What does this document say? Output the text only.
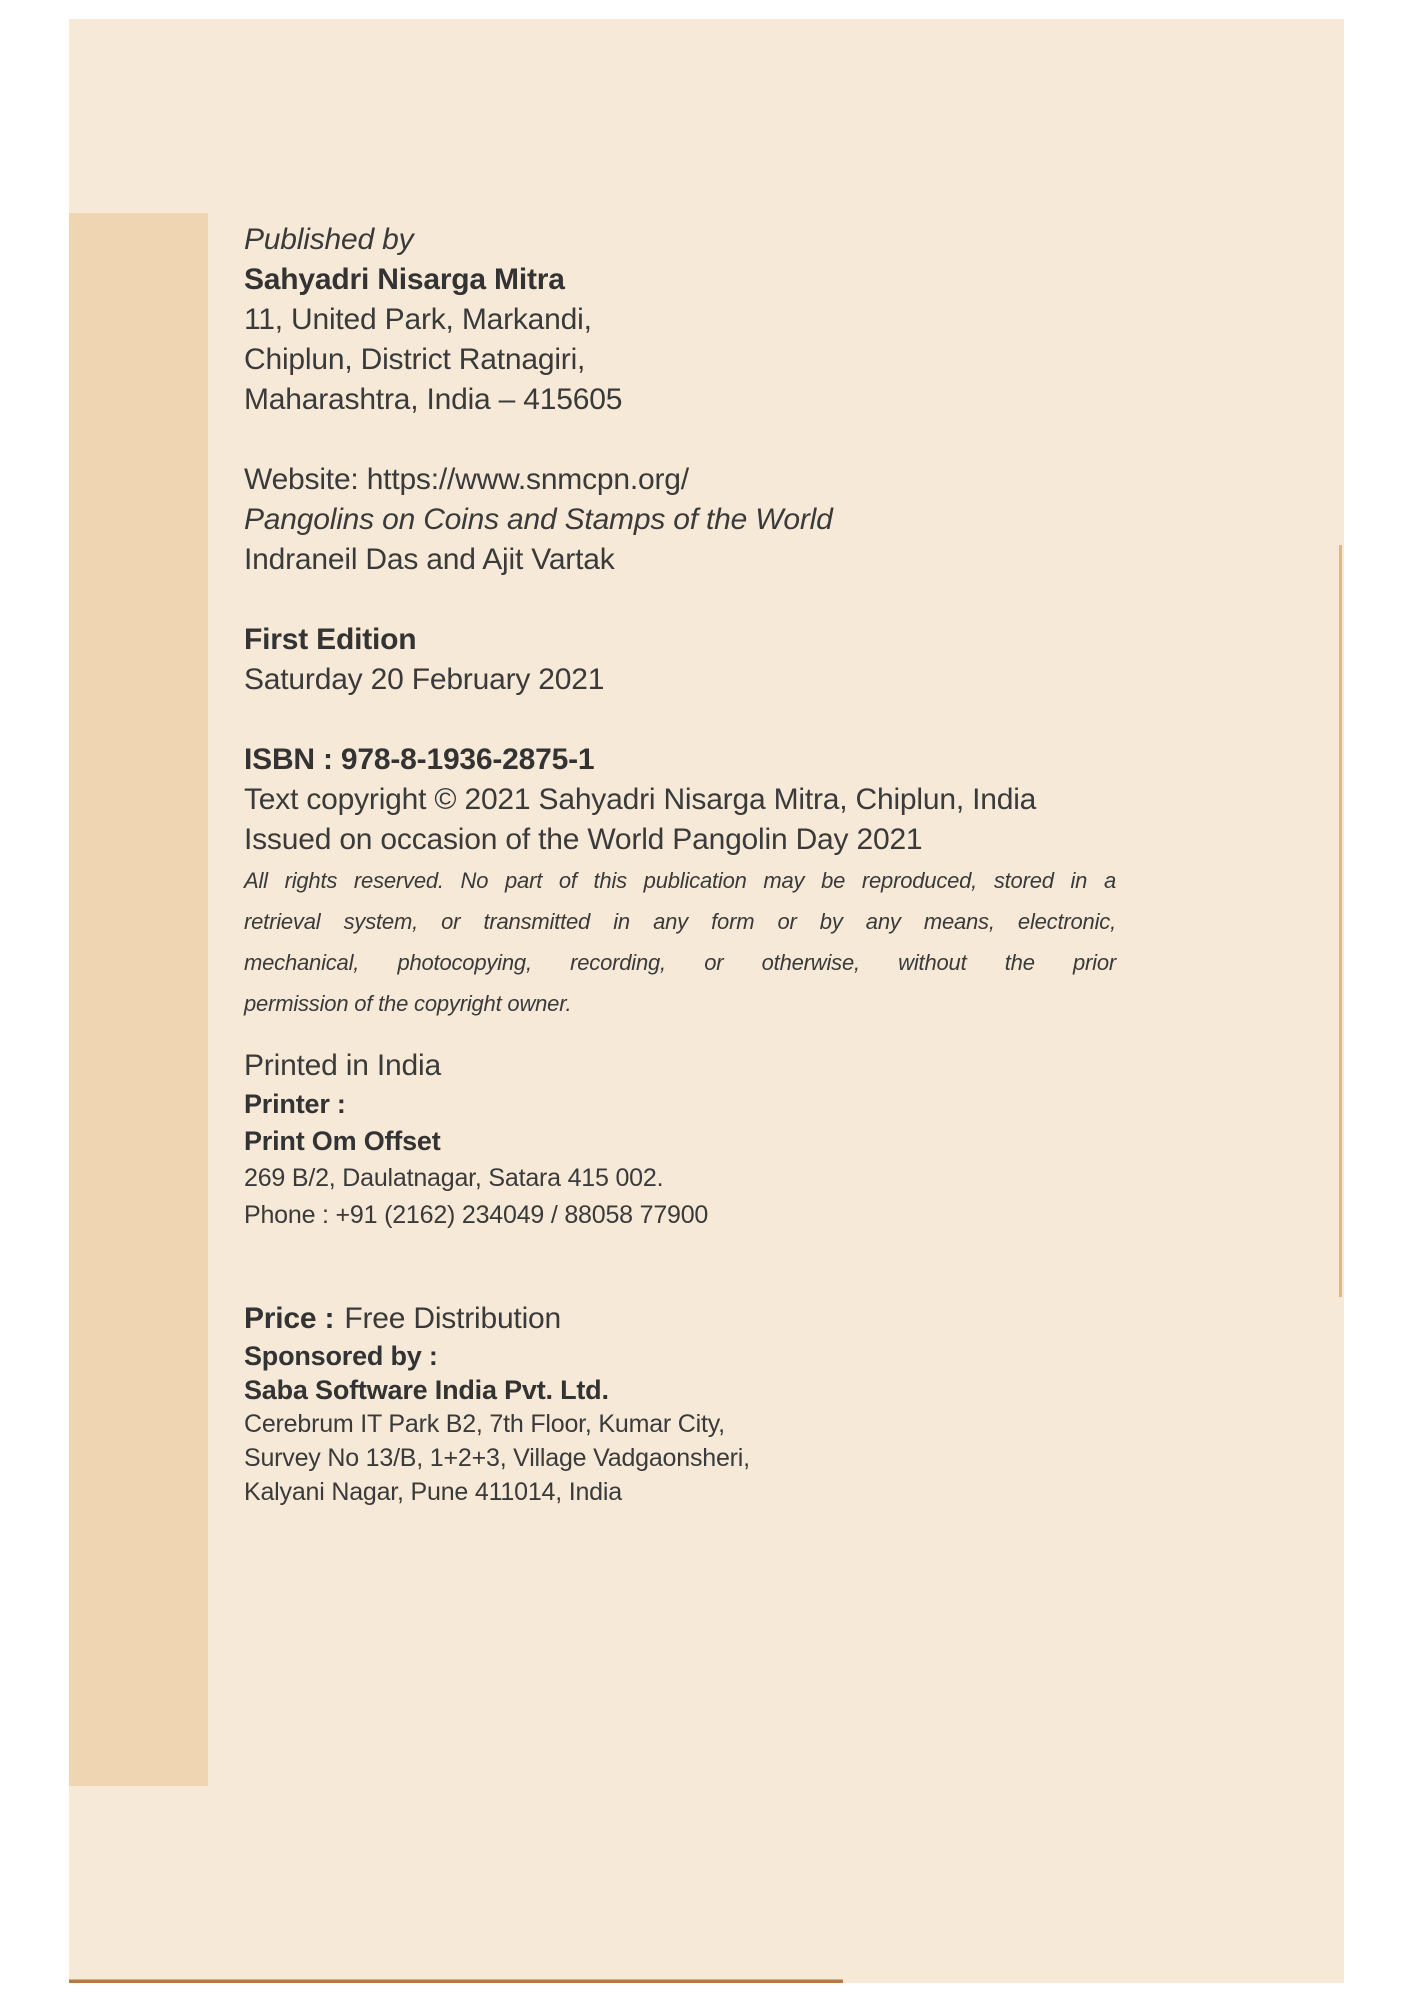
Published by

Sahyadri Nisarga Mitra

11, United Park, Markandi,

Chiplun, District Ratnagiri,

Maharashtra, India – 415605

Website: https://www.snmcpn.org/

Pangolins on Coins and Stamps of the World

Indraneil Das and Ajit Vartak

First Edition

Saturday 20 February 2021

ISBN : 978-8-1936-2875-1

Text copyright © 2021 Sahyadri Nisarga Mitra, Chiplun, India

Issued on occasion of the World Pangolin Day 2021

All rights reserved. No part of this publication may be reproduced, stored in a

retrieval system, or transmitted in any form or by any means, electronic,

mechanical, photocopying, recording, or otherwise, without the prior

permission of the copyright owner.

Printed in India

Printer :

Print Om Offset

269 B/2, Daulatnagar, Satara 415 002.

Phone : +91 (2162) 234049 / 88058 77900

Price : Free Distribution

Sponsored by :

Saba Software India Pvt. Ltd.

Cerebrum IT Park B2, 7th Floor, Kumar City,

Survey No 13/B, 1+2+3, Village Vadgaonsheri,

Kalyani Nagar, Pune 411014, India
